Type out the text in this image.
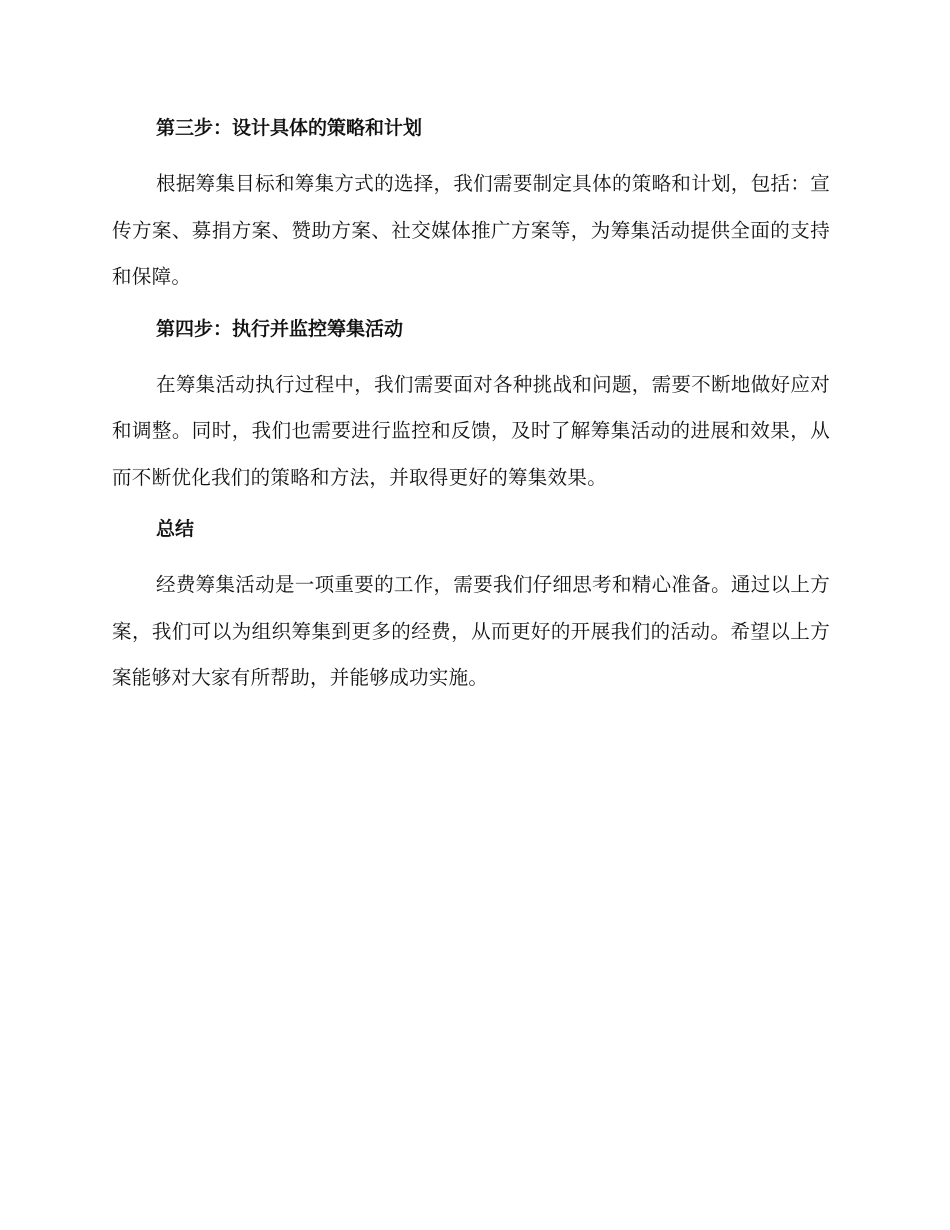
第三步：设计具体的策略和计划

根据筹集目标和筹集方式的选择，我们需要制定具体的策略和计划，包括：宣传方案、募捐方案、赞助方案、社交媒体推广方案等，为筹集活动提供全面的支持和保障。

第四步：执行并监控筹集活动

在筹集活动执行过程中，我们需要面对各种挑战和问题，需要不断地做好应对和调整。同时，我们也需要进行监控和反馈，及时了解筹集活动的进展和效果，从而不断优化我们的策略和方法，并取得更好的筹集效果。

总结

经费筹集活动是一项重要的工作，需要我们仔细思考和精心准备。通过以上方案，我们可以为组织筹集到更多的经费，从而更好的开展我们的活动。希望以上方案能够对大家有所帮助，并能够成功实施。
